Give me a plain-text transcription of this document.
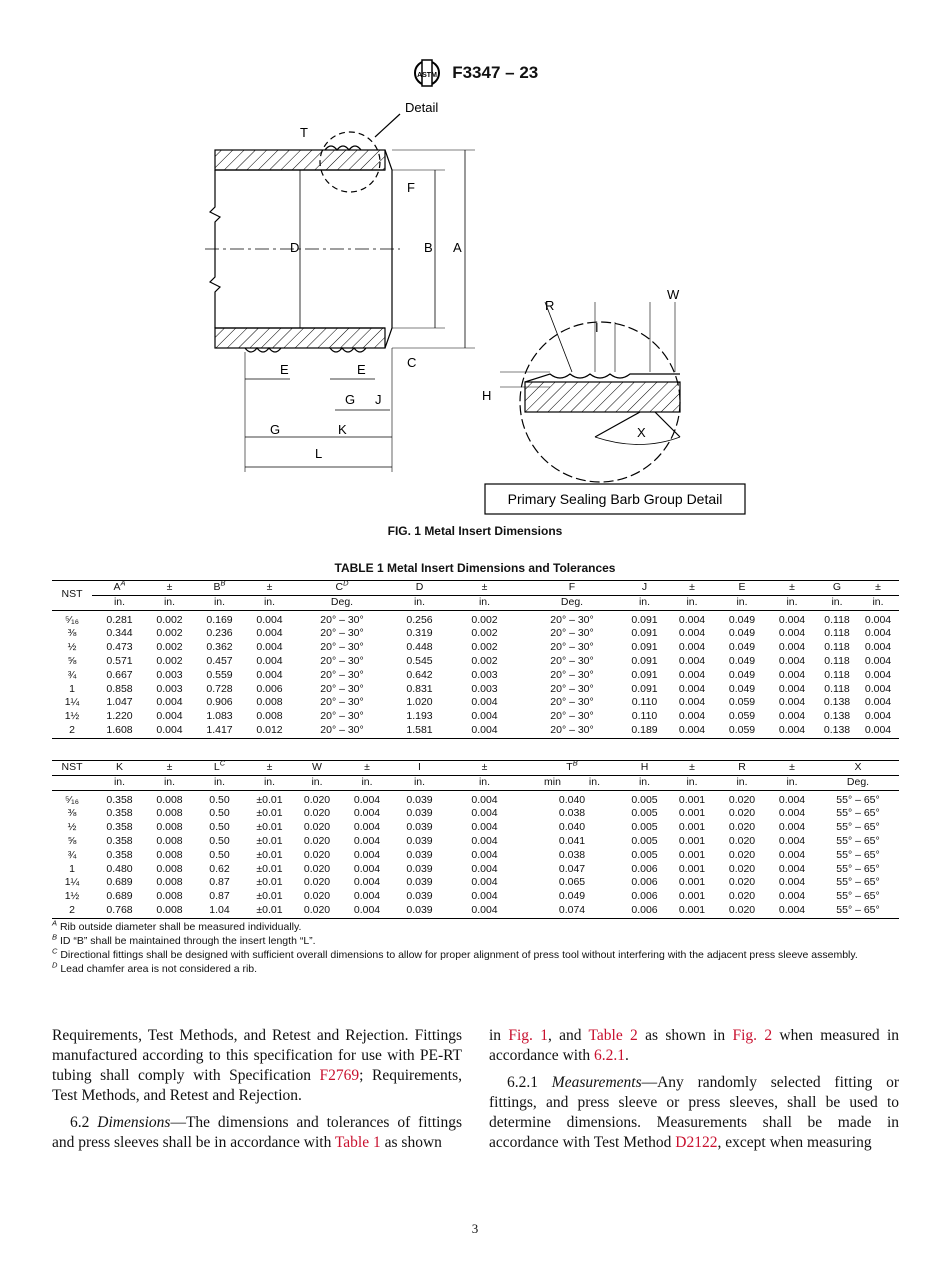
ASTM F3347 – 23
Detail
T
F
D	B A
C
E	E
G J
G	K
L
R
W
I
H
X
Primary Sealing Barb Group Detail
FIG. 1 Metal Insert Dimensions
TABLE 1 Metal Insert Dimensions and Tolerances
NST	$A^A$	±	$B^B$	±	$C^D$	D	±	F	J	±	E	±	G	±
	in.	in.	in.	in.	Deg.	in.	in.	Deg.	in.	in.	in.	in.	in.	in.
⁵⁄₁₆	0.281	0.002	0.169	0.004	20° – 30°	0.256	0.002	20° – 30°	0.091	0.004	0.049	0.004	0.118	0.004
⅜	0.344	0.002	0.236	0.004	20° – 30°	0.319	0.002	20° – 30°	0.091	0.004	0.049	0.004	0.118	0.004
½	0.473	0.002	0.362	0.004	20° – 30°	0.448	0.002	20° – 30°	0.091	0.004	0.049	0.004	0.118	0.004
⅝	0.571	0.002	0.457	0.004	20° – 30°	0.545	0.002	20° – 30°	0.091	0.004	0.049	0.004	0.118	0.004
¾	0.667	0.003	0.559	0.004	20° – 30°	0.642	0.003	20° – 30°	0.091	0.004	0.049	0.004	0.118	0.004
1	0.858	0.003	0.728	0.006	20° – 30°	0.831	0.003	20° – 30°	0.091	0.004	0.049	0.004	0.118	0.004
1¼	1.047	0.004	0.906	0.008	20° – 30°	1.020	0.004	20° – 30°	0.110	0.004	0.059	0.004	0.138	0.004
1½	1.220	0.004	1.083	0.008	20° – 30°	1.193	0.004	20° – 30°	0.110	0.004	0.059	0.004	0.138	0.004
2	1.608	0.004	1.417	0.012	20° – 30°	1.581	0.004	20° – 30°	0.189	0.004	0.059	0.004	0.138	0.004
NST	K	±	$L^C$	±	W	±	I	±	$T^B$	H	±	R	±	X
	in.	in.	in.	in.	in.	in.	in.	in.	min in.	in.	in.	in.	in.	Deg.
⁵⁄₁₆	0.358	0.008	0.50	±0.01	0.020	0.004	0.039	0.004	0.040	0.005	0.001	0.020	0.004	55° – 65°
⅜	0.358	0.008	0.50	±0.01	0.020	0.004	0.039	0.004	0.038	0.005	0.001	0.020	0.004	55° – 65°
½	0.358	0.008	0.50	±0.01	0.020	0.004	0.039	0.004	0.040	0.005	0.001	0.020	0.004	55° – 65°
⅝	0.358	0.008	0.50	±0.01	0.020	0.004	0.039	0.004	0.041	0.005	0.001	0.020	0.004	55° – 65°
¾	0.358	0.008	0.50	±0.01	0.020	0.004	0.039	0.004	0.038	0.005	0.001	0.020	0.004	55° – 65°
1	0.480	0.008	0.62	±0.01	0.020	0.004	0.039	0.004	0.047	0.006	0.001	0.020	0.004	55° – 65°
1¼	0.689	0.008	0.87	±0.01	0.020	0.004	0.039	0.004	0.065	0.006	0.001	0.020	0.004	55° – 65°
1½	0.689	0.008	0.87	±0.01	0.020	0.004	0.039	0.004	0.049	0.006	0.001	0.020	0.004	55° – 65°
2	0.768	0.008	1.04	±0.01	0.020	0.004	0.039	0.004	0.074	0.006	0.001	0.020	0.004	55° – 65°
$^A$ Rib outside diameter shall be measured individually.
$^B$ ID “B” shall be maintained through the insert length “L”.
$^C$ Directional fittings shall be designed with sufficient overall dimensions to allow for proper alignment of press tool without interfering with the adjacent press sleeve assembly.
$^D$ Lead chamfer area is not considered a rib.

Requirements, Test Methods, and Retest and Rejection. Fittings manufactured according to this specification for use with PE-RT tubing shall comply with Specification F2769; Requirements, Test Methods, and Retest and Rejection.

6.2 Dimensions—The dimensions and tolerances of fittings and press sleeves shall be in accordance with Table 1 as shown

in Fig. 1, and Table 2 as shown in Fig. 2 when measured in accordance with 6.2.1.

6.2.1 Measurements—Any randomly selected fitting or fittings, and press sleeve or press sleeves, shall be used to determine dimensions. Measurements shall be made in accordance with Test Method D2122, except when measuring

3
